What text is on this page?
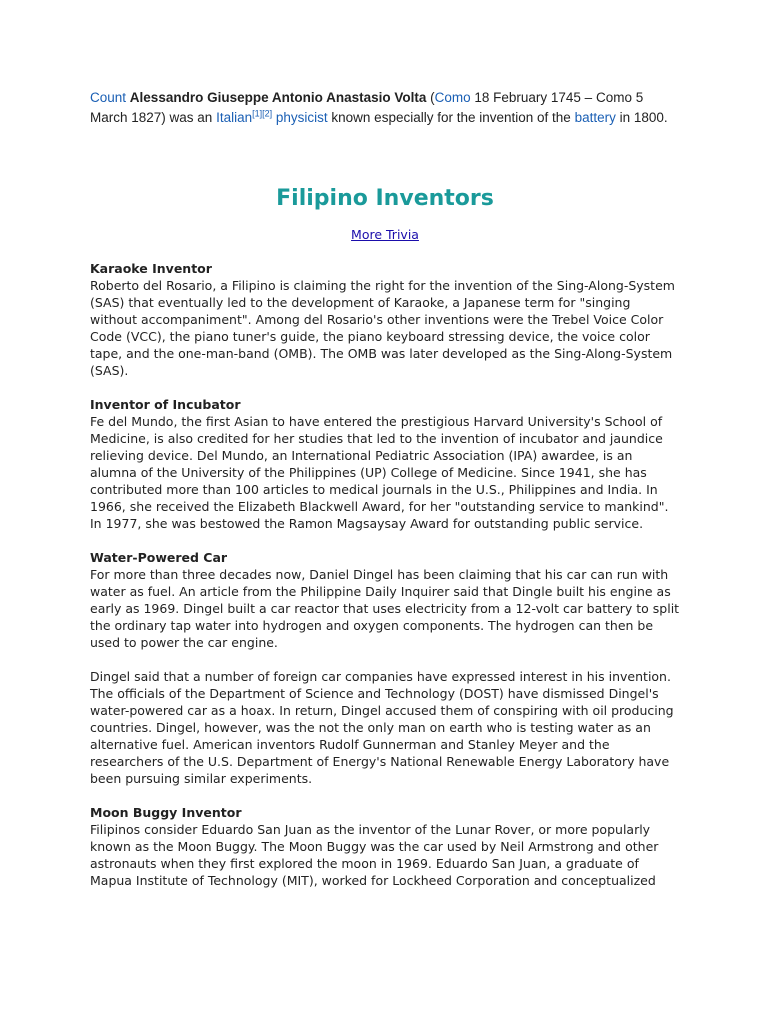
Count Alessandro Giuseppe Antonio Anastasio Volta (Como 18 February 1745 – Como 5 March 1827) was an Italian[1][2] physicist known especially for the invention of the battery in 1800.

Filipino Inventors
More Trivia
Karaoke Inventor

Roberto del Rosario, a Filipino is claiming the right for the invention of the Sing-Along-System (SAS) that eventually led to the development of Karaoke, a Japanese term for "singing without accompaniment". Among del Rosario's other inventions were the Trebel Voice Color Code (VCC), the piano tuner's guide, the piano keyboard stressing device, the voice color tape, and the one-man-band (OMB). The OMB was later developed as the Sing-Along-System (SAS).

Inventor of Incubator

Fe del Mundo, the first Asian to have entered the prestigious Harvard University's School of Medicine, is also credited for her studies that led to the invention of incubator and jaundice relieving device. Del Mundo, an International Pediatric Association (IPA) awardee, is an alumna of the University of the Philippines (UP) College of Medicine. Since 1941, she has contributed more than 100 articles to medical journals in the U.S., Philippines and India. In 1966, she received the Elizabeth Blackwell Award, for her "outstanding service to mankind". In 1977, she was bestowed the Ramon Magsaysay Award for outstanding public service.

Water-Powered Car

For more than three decades now, Daniel Dingel has been claiming that his car can run with water as fuel. An article from the Philippine Daily Inquirer said that Dingle built his engine as early as 1969. Dingel built a car reactor that uses electricity from a 12-volt car battery to split the ordinary tap water into hydrogen and oxygen components. The hydrogen can then be used to power the car engine.

Dingel said that a number of foreign car companies have expressed interest in his invention. The officials of the Department of Science and Technology (DOST) have dismissed Dingel's water-powered car as a hoax. In return, Dingel accused them of conspiring with oil producing countries. Dingel, however, was the not the only man on earth who is testing water as an alternative fuel. American inventors Rudolf Gunnerman and Stanley Meyer and the researchers of the U.S. Department of Energy's National Renewable Energy Laboratory have been pursuing similar experiments.

Moon Buggy Inventor

Filipinos consider Eduardo San Juan as the inventor of the Lunar Rover, or more popularly known as the Moon Buggy. The Moon Buggy was the car used by Neil Armstrong and other astronauts when they first explored the moon in 1969. Eduardo San Juan, a graduate of Mapua Institute of Technology (MIT), worked for Lockheed Corporation and conceptualized
